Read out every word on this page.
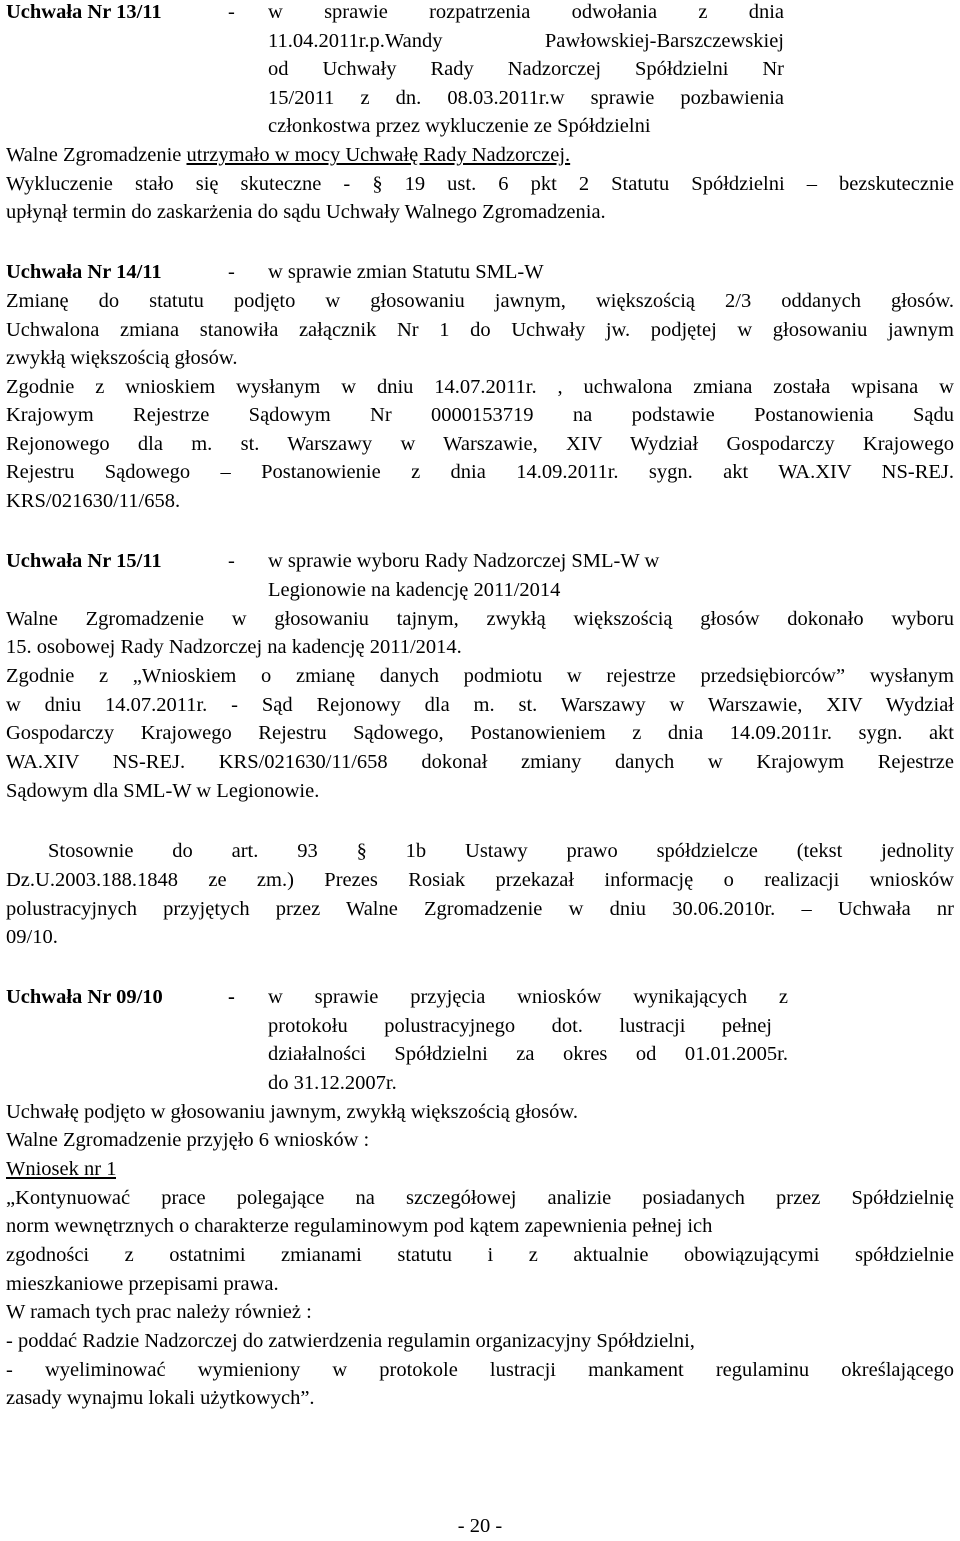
Uchwała Nr 13/11	- w sprawie rozpatrzenia odwołania z dnia
11.04.2011r.p.Wandy Pawłowskiej-Barszczewskiej
od Uchwały Rady Nadzorczej Spółdzielni Nr
15/2011 z dn. 08.03.2011r.w sprawie pozbawienia
członkostwa przez wykluczenie ze Spółdzielni
Walne Zgromadzenie utrzymało w mocy Uchwałę Rady Nadzorczej.
Wykluczenie stało się skuteczne - § 19 ust. 6 pkt 2 Statutu Spółdzielni – bezskutecznie
upłynął termin do zaskarżenia do sądu Uchwały Walnego Zgromadzenia.
Uchwała Nr 14/11	- w sprawie zmian Statutu SML-W
Zmianę do statutu podjęto w głosowaniu jawnym, większością 2/3 oddanych głosów.
Uchwalona zmiana stanowiła załącznik Nr 1 do Uchwały jw. podjętej w głosowaniu jawnym
zwykłą większością głosów.
Zgodnie z wnioskiem wysłanym w dniu 14.07.2011r. , uchwalona zmiana została wpisana w
Krajowym Rejestrze Sądowym Nr 0000153719 na podstawie Postanowienia Sądu
Rejonowego dla m. st. Warszawy w Warszawie, XIV Wydział Gospodarczy Krajowego
Rejestru Sądowego – Postanowienie z dnia 14.09.2011r. sygn. akt WA.XIV NS-REJ.
KRS/021630/11/658.
Uchwała Nr 15/11	- w sprawie wyboru Rady Nadzorczej SML-W w
Legionowie na kadencję 2011/2014
Walne Zgromadzenie w głosowaniu tajnym, zwykłą większością głosów dokonało wyboru
15. osobowej Rady Nadzorczej na kadencję 2011/2014.
Zgodnie z „Wnioskiem o zmianę danych podmiotu w rejestrze przedsiębiorców” wysłanym
w dniu 14.07.2011r. - Sąd Rejonowy dla m. st. Warszawy w Warszawie, XIV Wydział
Gospodarczy Krajowego Rejestru Sądowego, Postanowieniem z dnia 14.09.2011r. sygn. akt
WA.XIV NS-REJ. KRS/021630/11/658 dokonał zmiany danych w Krajowym Rejestrze
Sądowym dla SML-W w Legionowie.
Stosownie do art. 93 § 1b Ustawy prawo spółdzielcze (tekst jednolity
Dz.U.2003.188.1848 ze zm.) Prezes Rosiak przekazał informację o realizacji wniosków
polustracyjnych przyjętych przez Walne Zgromadzenie w dniu 30.06.2010r. – Uchwała nr
09/10.
Uchwała Nr 09/10	- w sprawie przyjęcia wniosków wynikających z
protokołu polustracyjnego dot. lustracji pełnej
działalności Spółdzielni za okres od 01.01.2005r.
do 31.12.2007r.
Uchwałę podjęto w głosowaniu jawnym, zwykłą większością głosów.
Walne Zgromadzenie przyjęło 6 wniosków :
Wniosek nr 1
„Kontynuować prace polegające na szczegółowej analizie posiadanych przez Spółdzielnię
norm wewnętrznych o charakterze regulaminowym pod kątem zapewnienia pełnej ich
zgodności z ostatnimi zmianami statutu i z aktualnie obowiązującymi spółdzielnie
mieszkaniowe przepisami prawa.
W ramach tych prac należy również :
- poddać Radzie Nadzorczej do zatwierdzenia regulamin organizacyjny Spółdzielni,
- wyeliminować wymieniony w protokole lustracji mankament regulaminu określającego
zasady wynajmu lokali użytkowych”.
- 20 -
